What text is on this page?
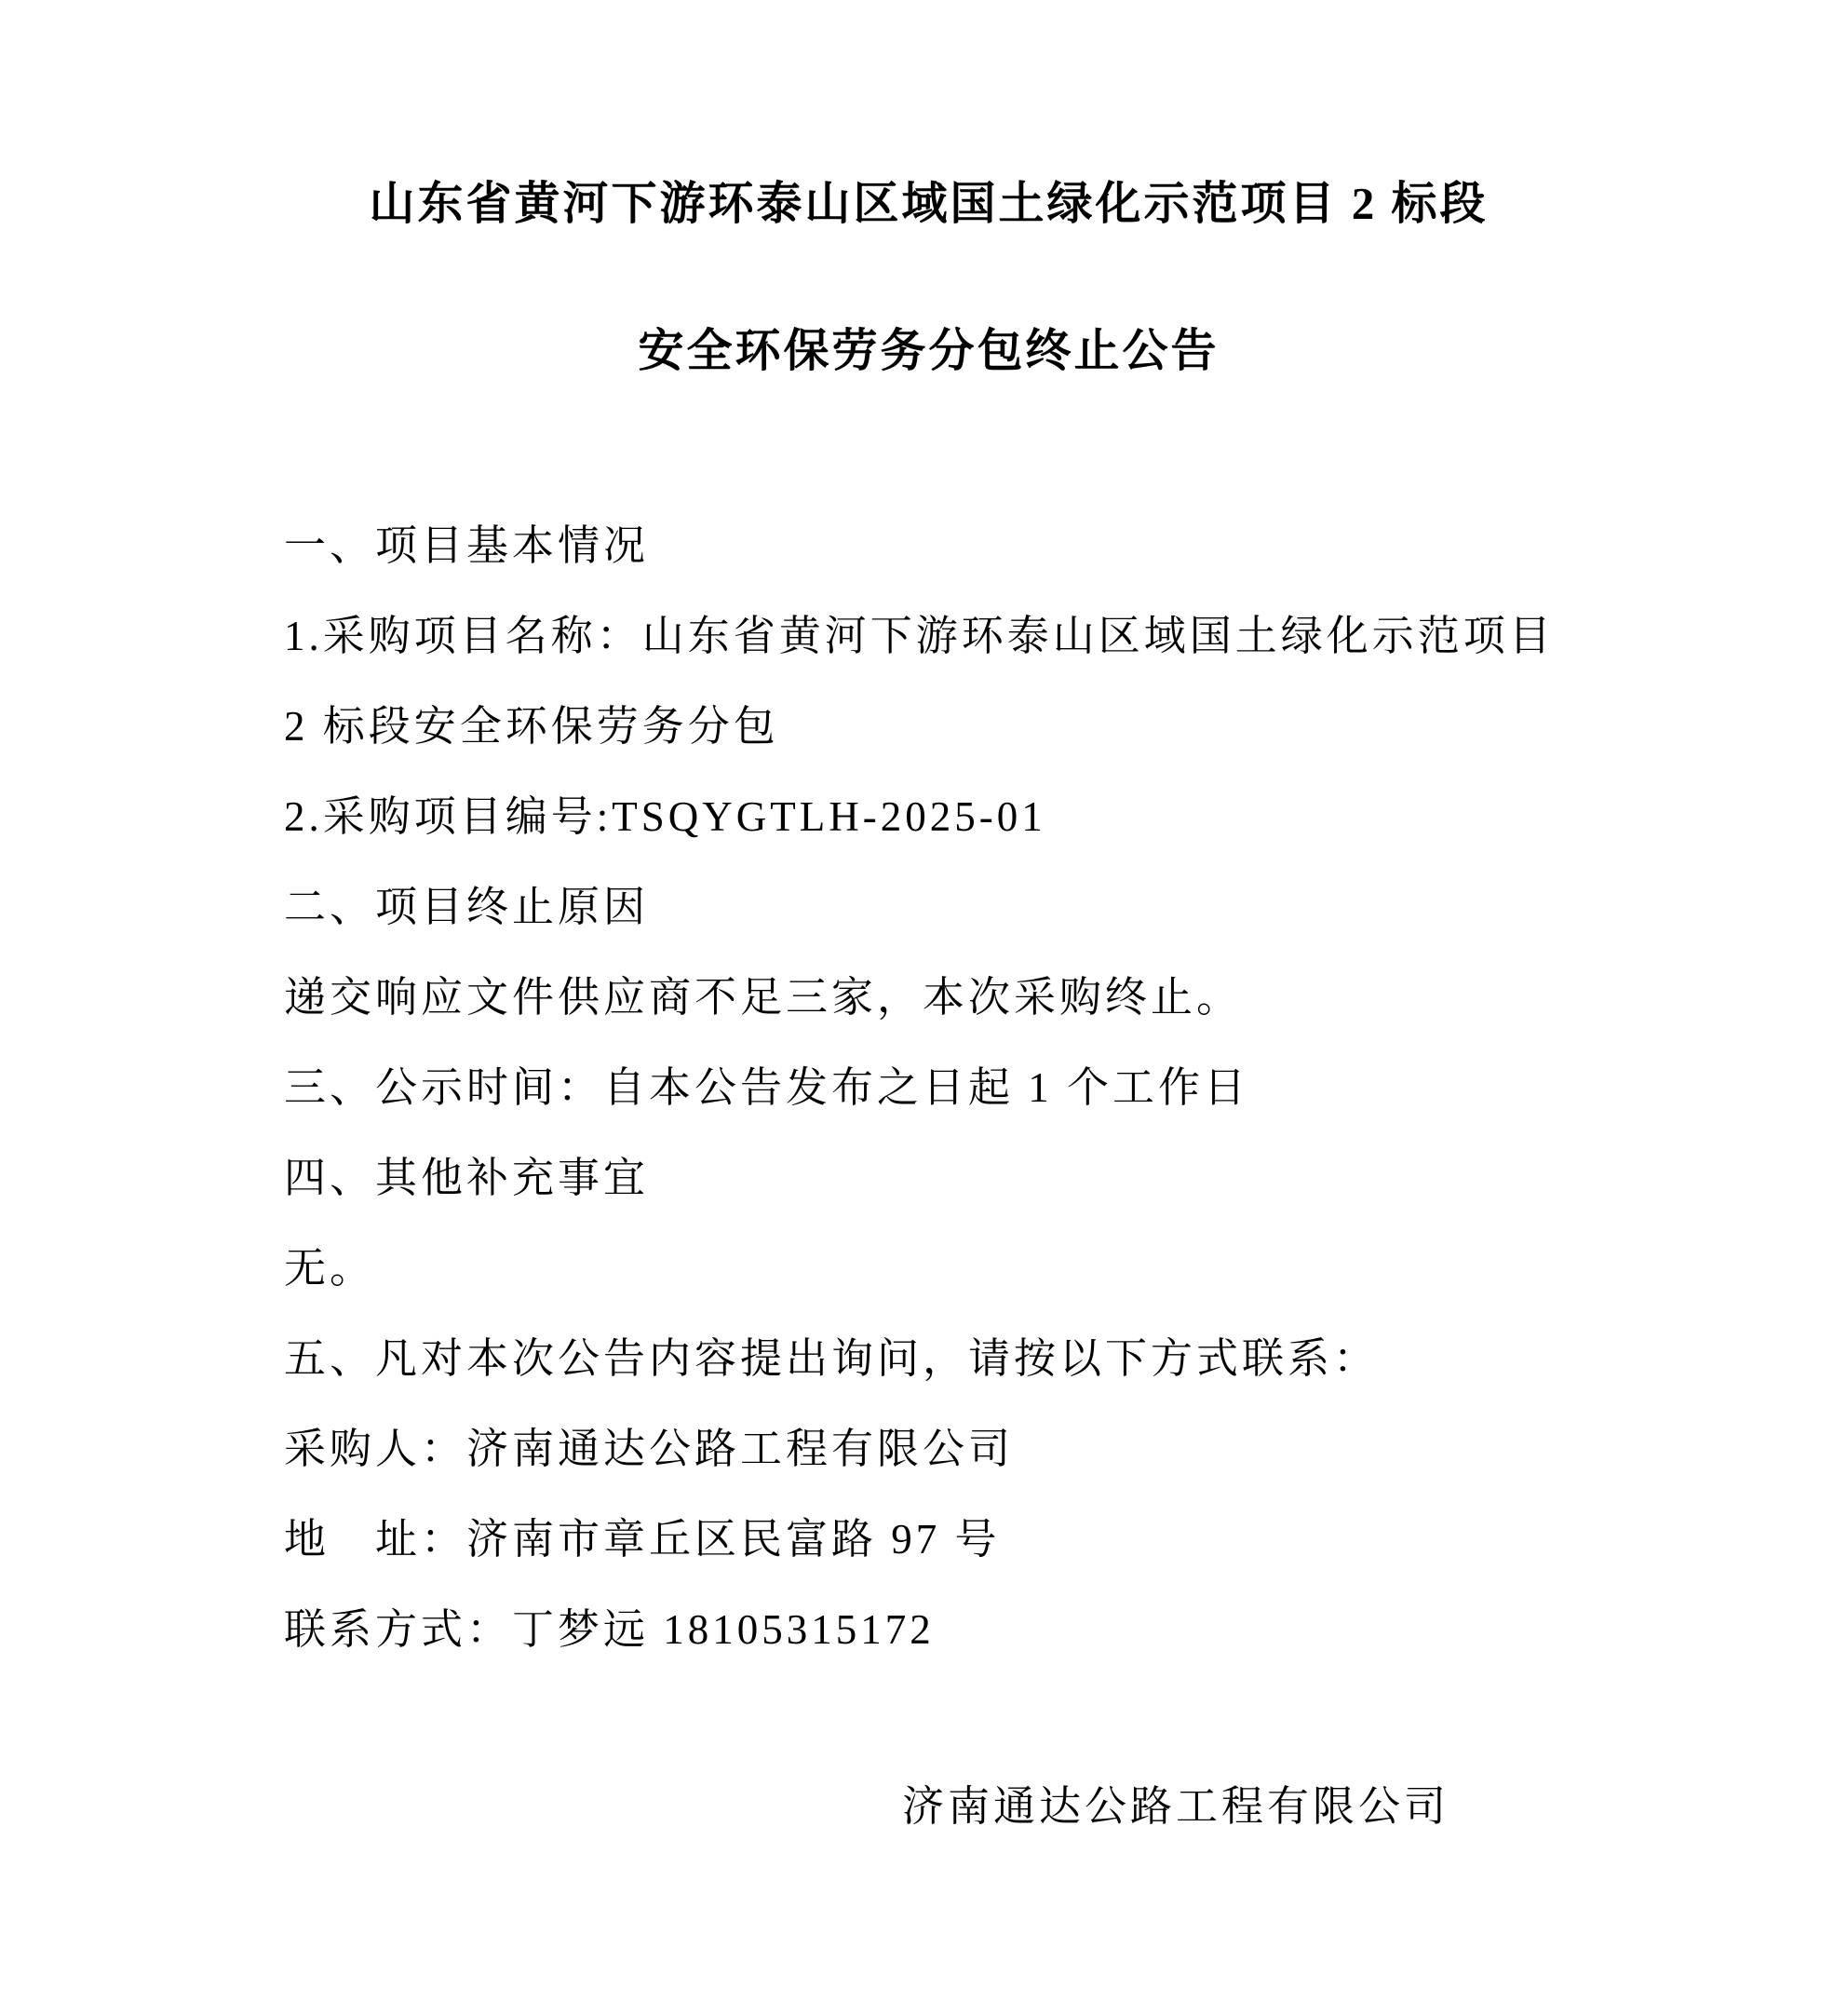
山东省黄河下游环泰山区域国土绿化示范项目 2 标段
安全环保劳务分包终止公告
一、项目基本情况
1.采购项目名称：山东省黄河下游环泰山区域国土绿化示范项目
2 标段安全环保劳务分包
2.采购项目编号:TSQYGTLH-2025-01
二、项目终止原因
递交响应文件供应商不足三家，本次采购终止。
三、公示时间：自本公告发布之日起 1 个工作日
四、其他补充事宜
无。
五、凡对本次公告内容提出询问，请按以下方式联系：
采购人：济南通达公路工程有限公司
地　址：济南市章丘区民富路 97 号
联系方式：丁梦远 18105315172
济南通达公路工程有限公司
